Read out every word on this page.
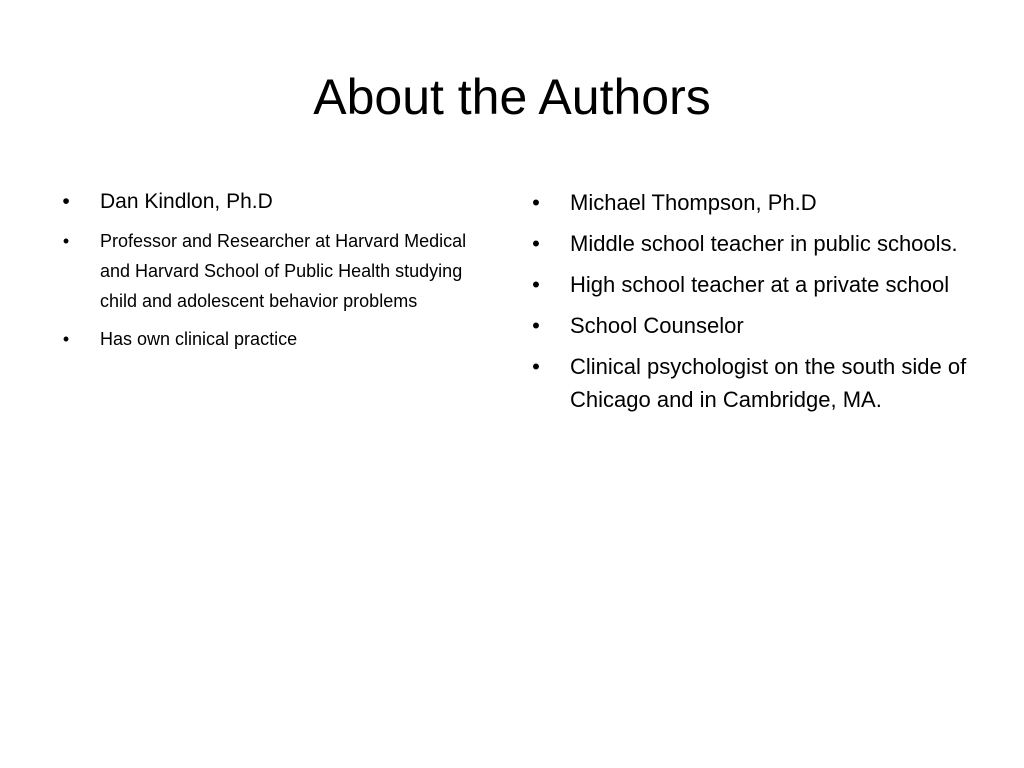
About the Authors
•	Dan Kindlon, Ph.D
•	Professor and Researcher at Harvard Medical and Harvard School of Public Health studying child and adolescent behavior problems
•	Has own clinical practice
• Michael Thompson, Ph.D
• Middle school teacher in public schools.
• High school teacher at a private school
• School Counselor
• Clinical psychologist on the south side of Chicago and in Cambridge, MA.
